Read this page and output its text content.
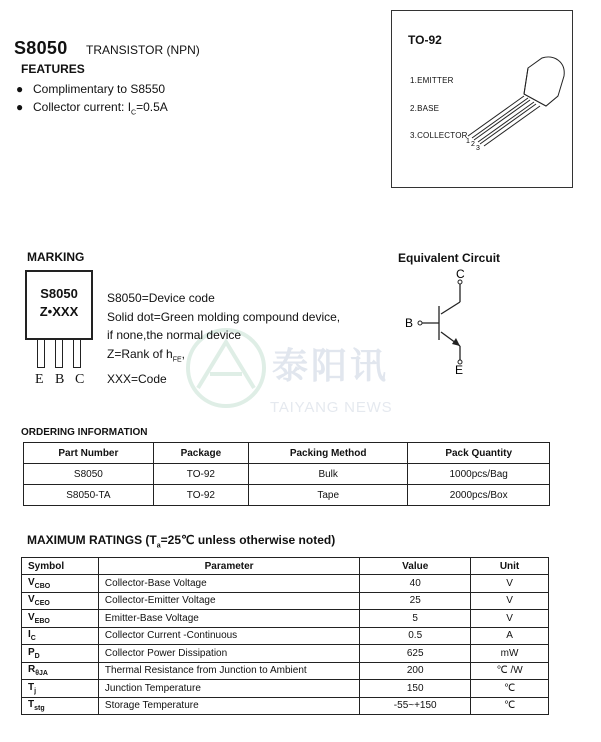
泰阳讯
TAIYANG NEWS
S8050 TRANSISTOR (NPN)
FEATURES
● Complimentary to S8550
● Collector current: $I_C=0.5A$
TO-92
1.EMITTER
2.BASE
3.COLLECTOR
1 2
3
MARKING
S8050
Z•XXX
E B C
S8050=Device code
Solid dot=Green molding compound device,
if none,the normal device
Z=Rank of $h_{FE}$,
XXX=Code
Equivalent Circuit
C
B
E
ORDERING INFORMATION
Part Number	Package	Packing Method	Pack Quantity
S8050	TO-92	Bulk	1000pcs/Bag
S8050-TA	TO-92	Tape	2000pcs/Box
MAXIMUM RATINGS ($T_a=25℃$ unless otherwise noted)
Symbol	Parameter	Value	Unit
$V_{CBO}$	Collector-Base Voltage	40	V
$V_{CEO}$	Collector-Emitter Voltage	25	V
$V_{EBO}$	Emitter-Base Voltage	5	V
$I_C$	Collector Current -Continuous	0.5	A
$P_D$	Collector Power Dissipation	625	mW
$R_{\theta JA}$	Thermal Resistance from Junction to Ambient	200	℃ /W
$T_j$	Junction Temperature	150	℃
$T_{stg}$	Storage Temperature	-55~+150	℃
